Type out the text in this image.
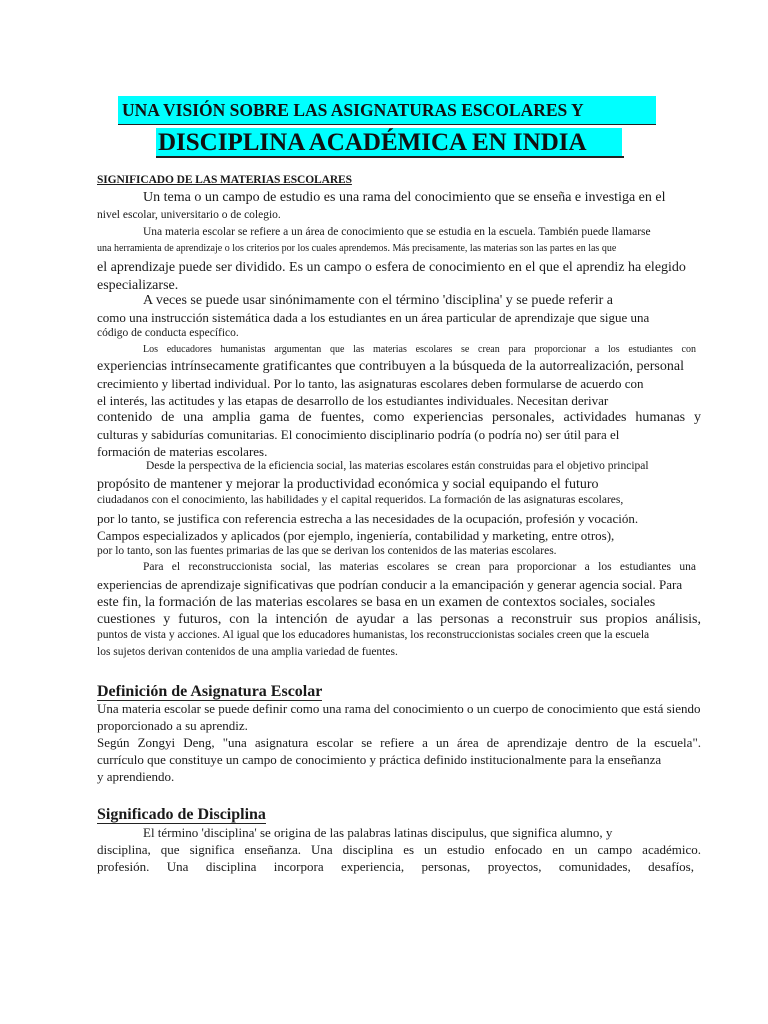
UNA VISIÓN SOBRE LAS ASIGNATURAS ESCOLARES Y
DISCIPLINA ACADÉMICA EN INDIA
SIGNIFICADO DE LAS MATERIAS ESCOLARES
Un tema o un campo de estudio es una rama del conocimiento que se enseña e investiga en el
nivel escolar, universitario o de colegio.
Una materia escolar se refiere a un área de conocimiento que se estudia en la escuela. También puede llamarse
una herramienta de aprendizaje o los criterios por los cuales aprendemos. Más precisamente, las materias son las partes en las que
el aprendizaje puede ser dividido. Es un campo o esfera de conocimiento en el que el aprendiz ha elegido
especializarse.
A veces se puede usar sinónimamente con el término 'disciplina' y se puede referir a
como una instrucción sistemática dada a los estudiantes en un área particular de aprendizaje que sigue una
código de conducta específico.
Los educadores humanistas argumentan que las materias escolares se crean para proporcionar a los estudiantes con
experiencias intrínsecamente gratificantes que contribuyen a la búsqueda de la autorrealización, personal
crecimiento y libertad individual. Por lo tanto, las asignaturas escolares deben formularse de acuerdo con
el interés, las actitudes y las etapas de desarrollo de los estudiantes individuales. Necesitan derivar
contenido de una amplia gama de fuentes, como experiencias personales, actividades humanas y
culturas y sabidurías comunitarias. El conocimiento disciplinario podría (o podría no) ser útil para el
formación de materias escolares.
Desde la perspectiva de la eficiencia social, las materias escolares están construidas para el objetivo principal
propósito de mantener y mejorar la productividad económica y social equipando el futuro
ciudadanos con el conocimiento, las habilidades y el capital requeridos. La formación de las asignaturas escolares,
por lo tanto, se justifica con referencia estrecha a las necesidades de la ocupación, profesión y vocación.
Campos especializados y aplicados (por ejemplo, ingeniería, contabilidad y marketing, entre otros),
por lo tanto, son las fuentes primarias de las que se derivan los contenidos de las materias escolares.
Para el reconstruccionista social, las materias escolares se crean para proporcionar a los estudiantes una
experiencias de aprendizaje significativas que podrían conducir a la emancipación y generar agencia social. Para
este fin, la formación de las materias escolares se basa en un examen de contextos sociales, sociales
cuestiones y futuros, con la intención de ayudar a las personas a reconstruir sus propios análisis,
puntos de vista y acciones. Al igual que los educadores humanistas, los reconstruccionistas sociales creen que la escuela
los sujetos derivan contenidos de una amplia variedad de fuentes.
Definición de Asignatura Escolar
Una materia escolar se puede definir como una rama del conocimiento o un cuerpo de conocimiento que está siendo
proporcionado a su aprendiz.
Según Zongyi Deng, "una asignatura escolar se refiere a un área de aprendizaje dentro de la escuela".
currículo que constituye un campo de conocimiento y práctica definido institucionalmente para la enseñanza
y aprendiendo.
Significado de Disciplina
El término 'disciplina' se origina de las palabras latinas discipulus, que significa alumno, y
disciplina, que significa enseñanza. Una disciplina es un estudio enfocado en un campo académico.
profesión. Una disciplina incorpora experiencia, personas, proyectos, comunidades, desafíos,
